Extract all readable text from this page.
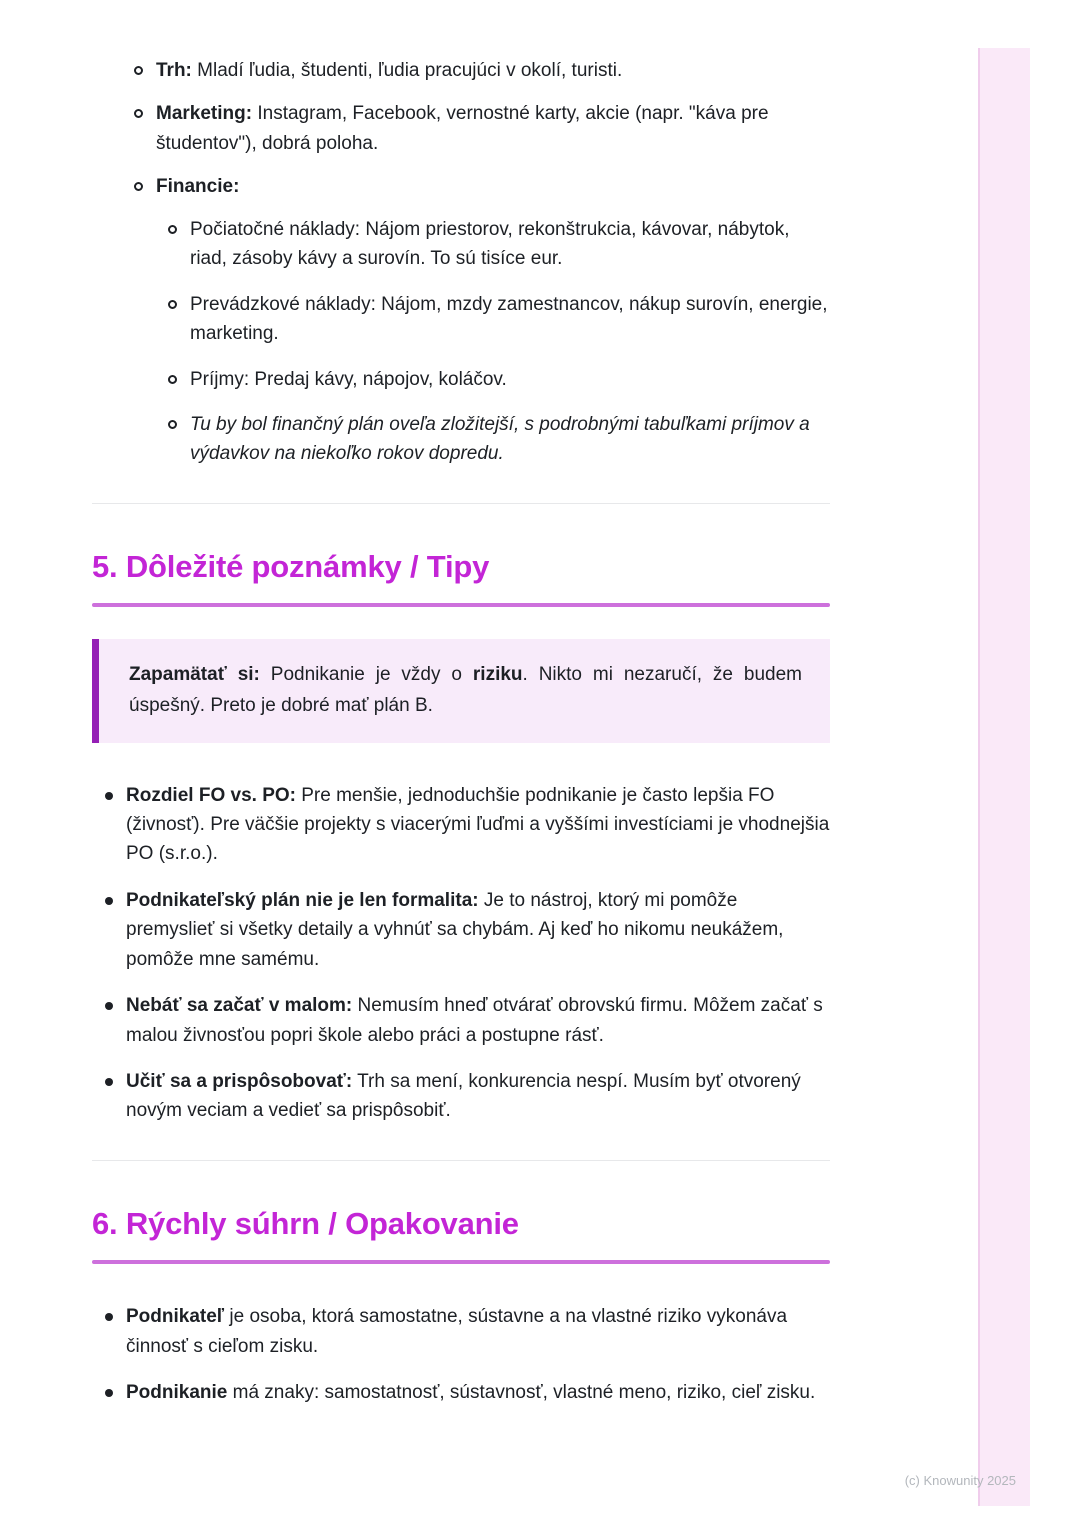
Trh: Mladí ľudia, študenti, ľudia pracujúci v okolí, turisti.
Marketing: Instagram, Facebook, vernostné karty, akcie (napr. "káva pre študentov"), dobrá poloha.
Financie:
Počiatočné náklady: Nájom priestorov, rekonštrukcia, kávovar, nábytok, riad, zásoby kávy a surovín. To sú tisíce eur.
Prevádzkové náklady: Nájom, mzdy zamestnancov, nákup surovín, energie, marketing.
Príjmy: Predaj kávy, nápojov, koláčov.
Tu by bol finančný plán oveľa zložitejší, s podrobnými tabuľkami príjmov a výdavkov na niekoľko rokov dopredu.
5. Dôležité poznámky / Tipy

Zapamätať si: Podnikanie je vždy o riziku. Nikto mi nezaručí, že budem úspešný. Preto je dobré mať plán B.

Rozdiel FO vs. PO: Pre menšie, jednoduchšie podnikanie je často lepšia FO (živnosť). Pre väčšie projekty s viacerými ľuďmi a vyššími investíciami je vhodnejšia PO (s.r.o.).
Podnikateľský plán nie je len formalita: Je to nástroj, ktorý mi pomôže premyslieť si všetky detaily a vyhnúť sa chybám. Aj keď ho nikomu neukážem, pomôže mne samému.
Nebáť sa začať v malom: Nemusím hneď otvárať obrovskú firmu. Môžem začať s malou živnosťou popri škole alebo práci a postupne rásť.
Učiť sa a prispôsobovať: Trh sa mení, konkurencia nespí. Musím byť otvorený novým veciam a vedieť sa prispôsobiť.
6. Rýchly súhrn / Opakovanie
Podnikateľ je osoba, ktorá samostatne, sústavne a na vlastné riziko vykonáva činnosť s cieľom zisku.
Podnikanie má znaky: samostatnosť, sústavnosť, vlastné meno, riziko, cieľ zisku.
(c) Knowunity 2025
